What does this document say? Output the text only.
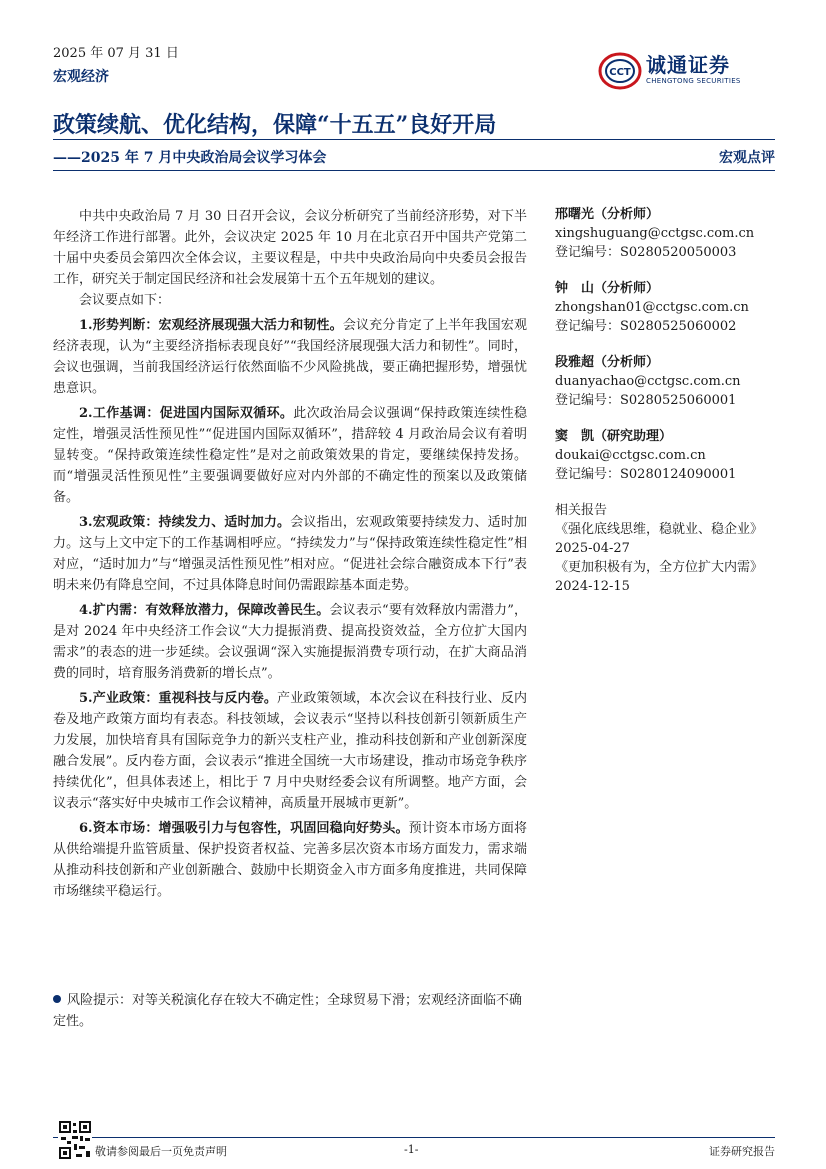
2025 年 07 月 31 日
宏观经济	CCT 诚通证券
CHENGTONG SECURITIES
政策续航、优化结构，保障“十五五”良好开局
——2025 年 7 月中央政治局会议学习体会	宏观点评

中共中央政治局 7 月 30 日召开会议，会议分析研究了当前经济形势，对下半年经济工作进行部署。此外，会议决定 2025 年 10 月在北京召开中国共产党第二十届中央委员会第四次全体会议，主要议程是，中共中央政治局向中央委员会报告工作，研究关于制定国民经济和社会发展第十五个五年规划的建议。

会议要点如下：

1.形势判断：宏观经济展现强大活力和韧性。会议充分肯定了上半年我国宏观经济表现，认为“主要经济指标表现良好”“我国经济展现强大活力和韧性”。同时，会议也强调，当前我国经济运行依然面临不少风险挑战，要正确把握形势，增强忧患意识。

2.工作基调：促进国内国际双循环。此次政治局会议强调“保持政策连续性稳定性，增强灵活性预见性”“促进国内国际双循环”，措辞较 4 月政治局会议有着明显转变。“保持政策连续性稳定性”是对之前政策效果的肯定，要继续保持发扬。而“增强灵活性预见性”主要强调要做好应对内外部的不确定性的预案以及政策储备。

3.宏观政策：持续发力、适时加力。会议指出，宏观政策要持续发力、适时加力。这与上文中定下的工作基调相呼应。“持续发力”与“保持政策连续性稳定性”相对应，“适时加力”与“增强灵活性预见性”相对应。“促进社会综合融资成本下行”表明未来仍有降息空间，不过具体降息时间仍需跟踪基本面走势。

4.扩内需：有效释放潜力，保障改善民生。会议表示“要有效释放内需潜力”，是对 2024 年中央经济工作会议“大力提振消费、提高投资效益，全方位扩大国内需求”的表态的进一步延续。会议强调“深入实施提振消费专项行动，在扩大商品消费的同时，培育服务消费新的增长点”。

5.产业政策：重视科技与反内卷。产业政策领域，本次会议在科技行业、反内卷及地产政策方面均有表态。科技领域，会议表示“坚持以科技创新引领新质生产力发展，加快培育具有国际竞争力的新兴支柱产业，推动科技创新和产业创新深度融合发展”。反内卷方面，会议表示“推进全国统一大市场建设，推动市场竞争秩序持续优化”，但具体表述上，相比于 7 月中央财经委会议有所调整。地产方面，会议表示“落实好中央城市工作会议精神，高质量开展城市更新”。

6.资本市场：增强吸引力与包容性，巩固回稳向好势头。预计资本市场方面将从供给端提升监管质量、保护投资者权益、完善多层次资本市场方面发力，需求端从推动科技创新和产业创新融合、鼓励中长期资金入市方面多角度推进，共同保障市场继续平稳运行。

风险提示：对等关税演化存在较大不确定性；全球贸易下滑；宏观经济面临不确定性。
邢曙光（分析师）
xingshuguang@cctgsc.com.cn
登记编号：S0280520050003
钟　山（分析师）
zhongshan01@cctgsc.com.cn
登记编号：S0280525060002
段雅超（分析师）
duanyachao@cctgsc.com.cn
登记编号：S0280525060001
窦　凯（研究助理）
doukai@cctgsc.com.cn
登记编号：S0280124090001
相关报告
《强化底线思维，稳就业、稳企业》
2025-04-27
《更加积极有为，全方位扩大内需》
2024-12-15
敬请参阅最后一页免责声明	-1-	证券研究报告
